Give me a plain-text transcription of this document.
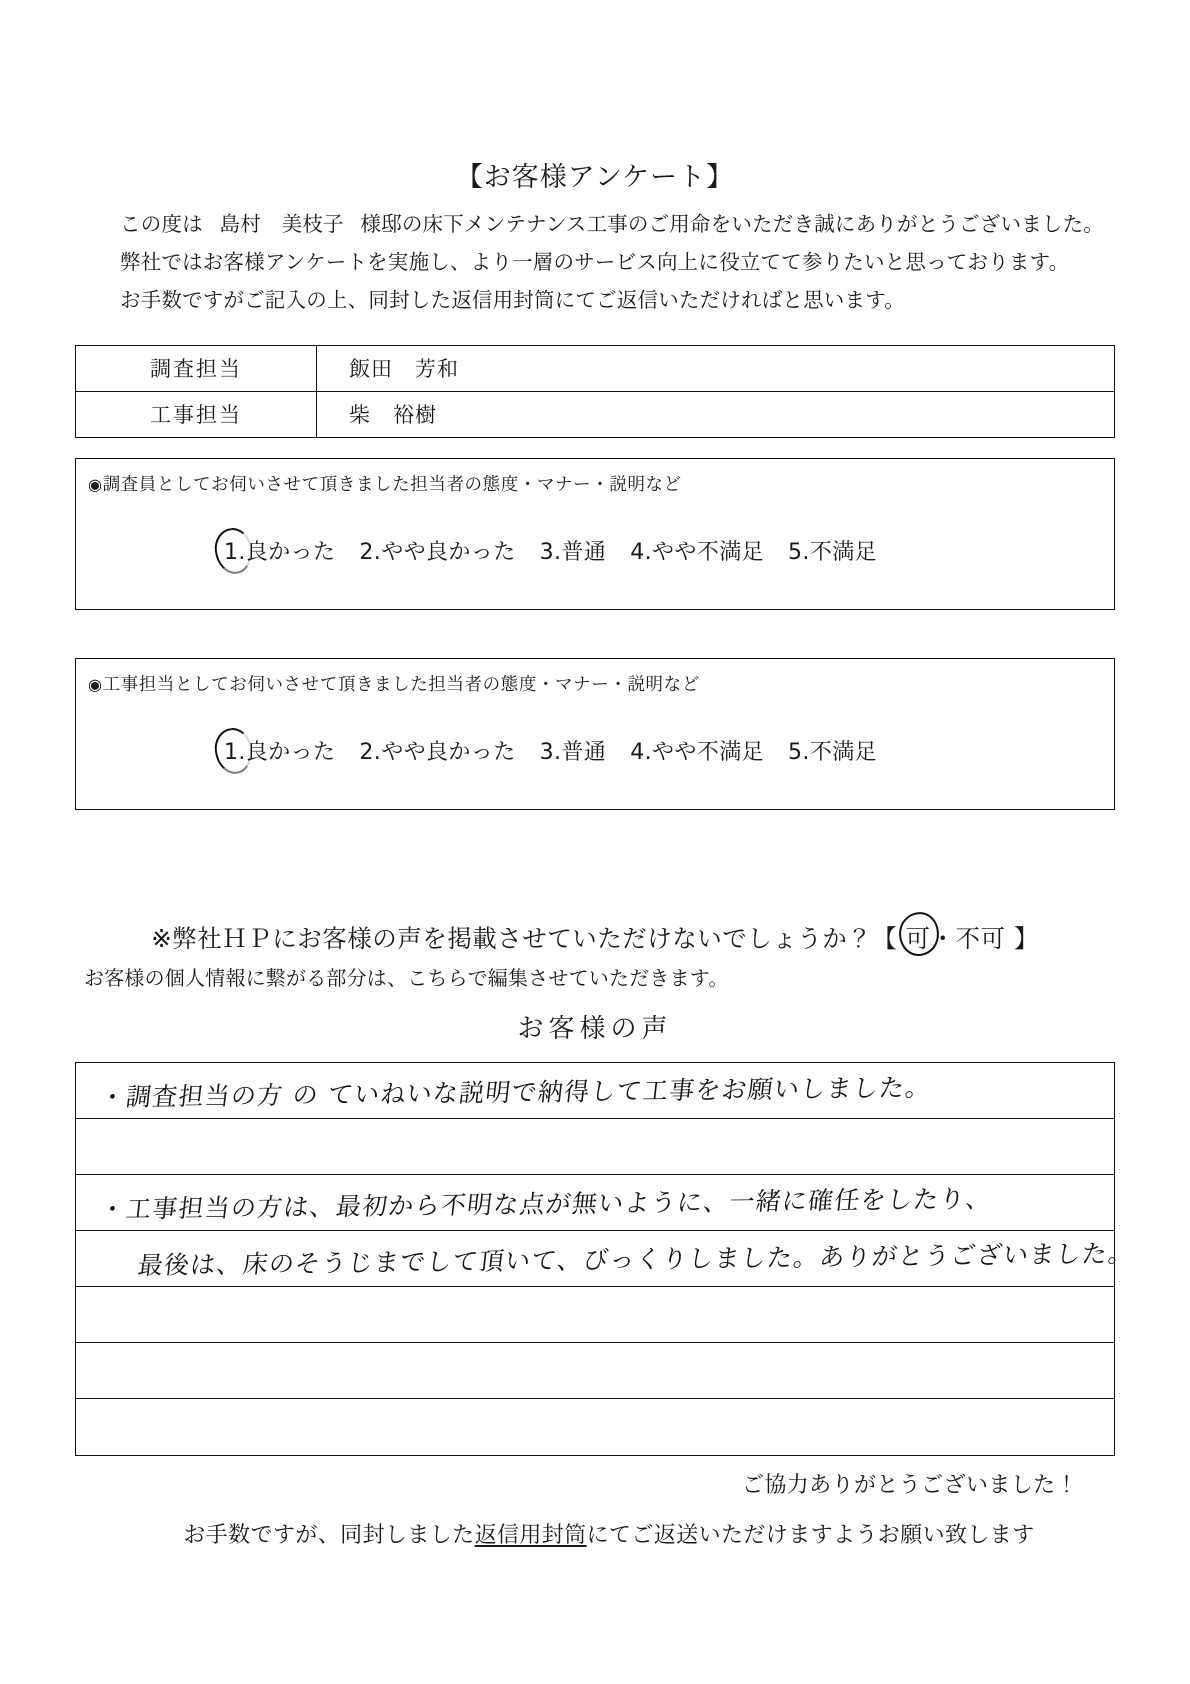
【お客様アンケート】
この度は 島村　美枝子 様邸の床下メンテナンス工事のご用命をいただき誠にありがとうございました。
弊社ではお客様アンケートを実施し、より一層のサービス向上に役立てて参りたいと思っております。
お手数ですがご記入の上、同封した返信用封筒にてご返信いただければと思います。
調査担当	飯田　芳和
工事担当	柴　裕樹
◉調査員としてお伺いさせて頂きました担当者の態度・マナー・説明など
1.良かった 2.やや良かった 3.普通 4.やや不満足 5.不満足
◉工事担当としてお伺いさせて頂きました担当者の態度・マナー・説明など
1.良かった 2.やや良かった 3.普通 4.やや不満足 5.不満足
※弊社ＨＰにお客様の声を掲載させていただけないでしょうか？【 可・不可 】
お客様の個人情報に繋がる部分は、こちらで編集させていただきます。
お客様の声
・調査担当の方 の ていねいな説明で納得して工事をお願いしました。
・工事担当の方は、最初から不明な点が無いように、一緒に確任をしたり、
最後は、床のそうじまでして頂いて、びっくりしました。ありがとうございました。
ご協力ありがとうございました！
お手数ですが、同封しました返信用封筒にてご返送いただけますようお願い致します
